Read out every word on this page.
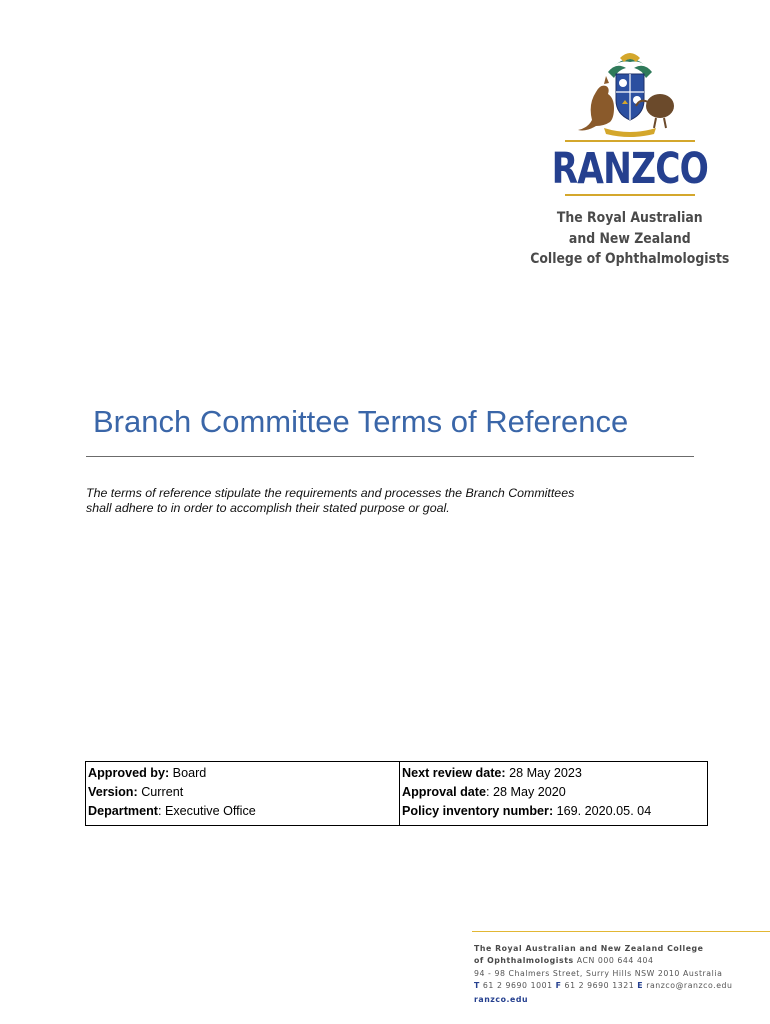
RANZCO
The Royal Australian
and New Zealand
College of Ophthalmologists
Branch Committee Terms of Reference

The terms of reference stipulate the requirements and processes the Branch Committees
shall adhere to in order to accomplish their stated purpose or goal.

Approved by: Board
Version: Current
Department: Executive Office

Next review date: 28 May 2023
Approval date: 28 May 2020
Policy inventory number: 169. 2020.05. 04
The Royal Australian and New Zealand College
of Ophthalmologists ACN 000 644 404
94 - 98 Chalmers Street, Surry Hills NSW 2010 Australia
T 61 2 9690 1001 F 61 2 9690 1321 E ranzco@ranzco.edu
ranzco.edu
